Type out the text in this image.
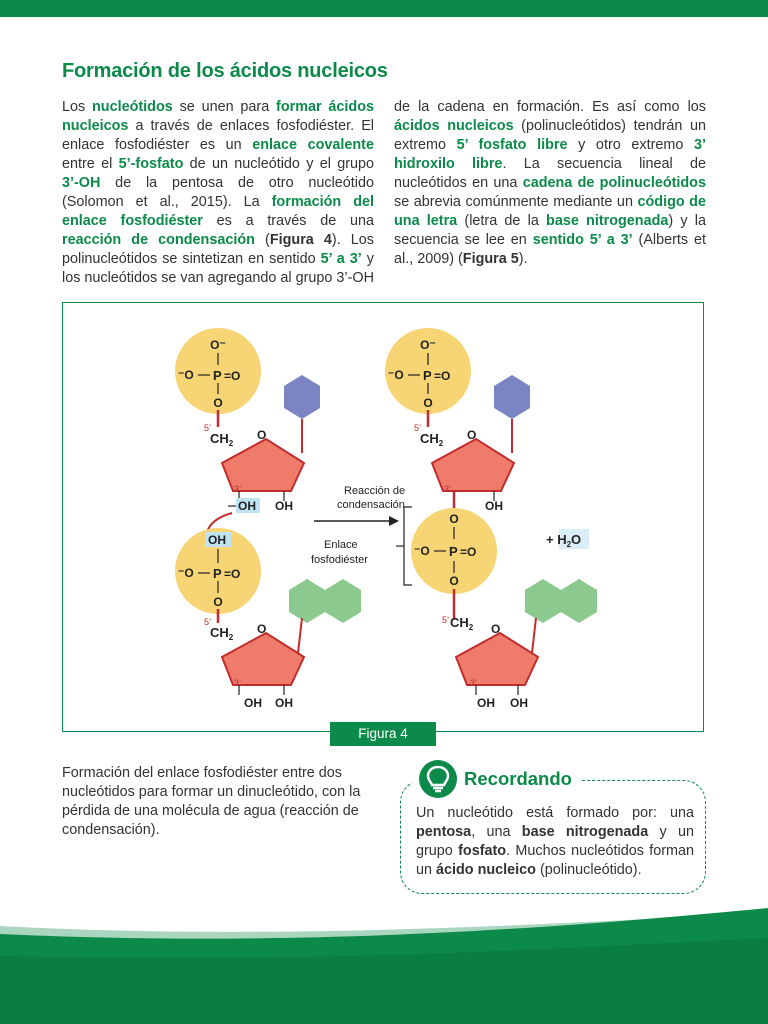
Formación de los ácidos nucleicos

Los nucleótidos se unen para formar ácidos nucleicos a través de enlaces fosfodiéster. El enlace fosfodiéster es un enlace covalente entre el 5’-fosfato de un nucleótido y el grupo 3’-OH de la pentosa de otro nucleótido (Solomon et al., 2015). La formación del enlace fosfodiéster es a través de una reacción de condensación (Figura 4). Los polinucleótidos se sintetizan en sentido 5’ a 3’ y los nucleótidos se van agregando al grupo 3’-OH

de la cadena en formación. Es así como los ácidos nucleicos (polinucleótidos) tendrán un extremo 5’ fosfato libre y otro extremo 3’ hidroxilo libre. La secuencia lineal de nucleótidos en una cadena de polinucleótidos se abrevia comúnmente mediante un código de una letra (letra de la base nitrogenada) y la secuencia se lee en sentido 5’ a 3’ (Alberts et al., 2009) (Figura 5).

O⁻
⁻O P =O
O
5’
$CH_2$
O
3’
OH OH
OH
⁻O P =O
O
5’
$CH_2$
O
3’
OH OH
Reacción de
condensación
Enlace
fosfodiéster
O⁻
⁻O P =O
O
5’
$CH_2$
O
3’
OH
O
⁻O P =O
O
5’ $CH_2$ O
3’
OH OH
+ $H_2O$
Figura 4

Formación del enlace fosfodiéster entre dos nucleótidos para formar un dinucleótido, con la pérdida de una molécula de agua (reacción de condensación).

Recordando

Un nucleótido está formado por: una pentosa, una base nitrogenada y un grupo fosfato. Muchos nucleótidos forman un ácido nucleico (polinucleótido).
